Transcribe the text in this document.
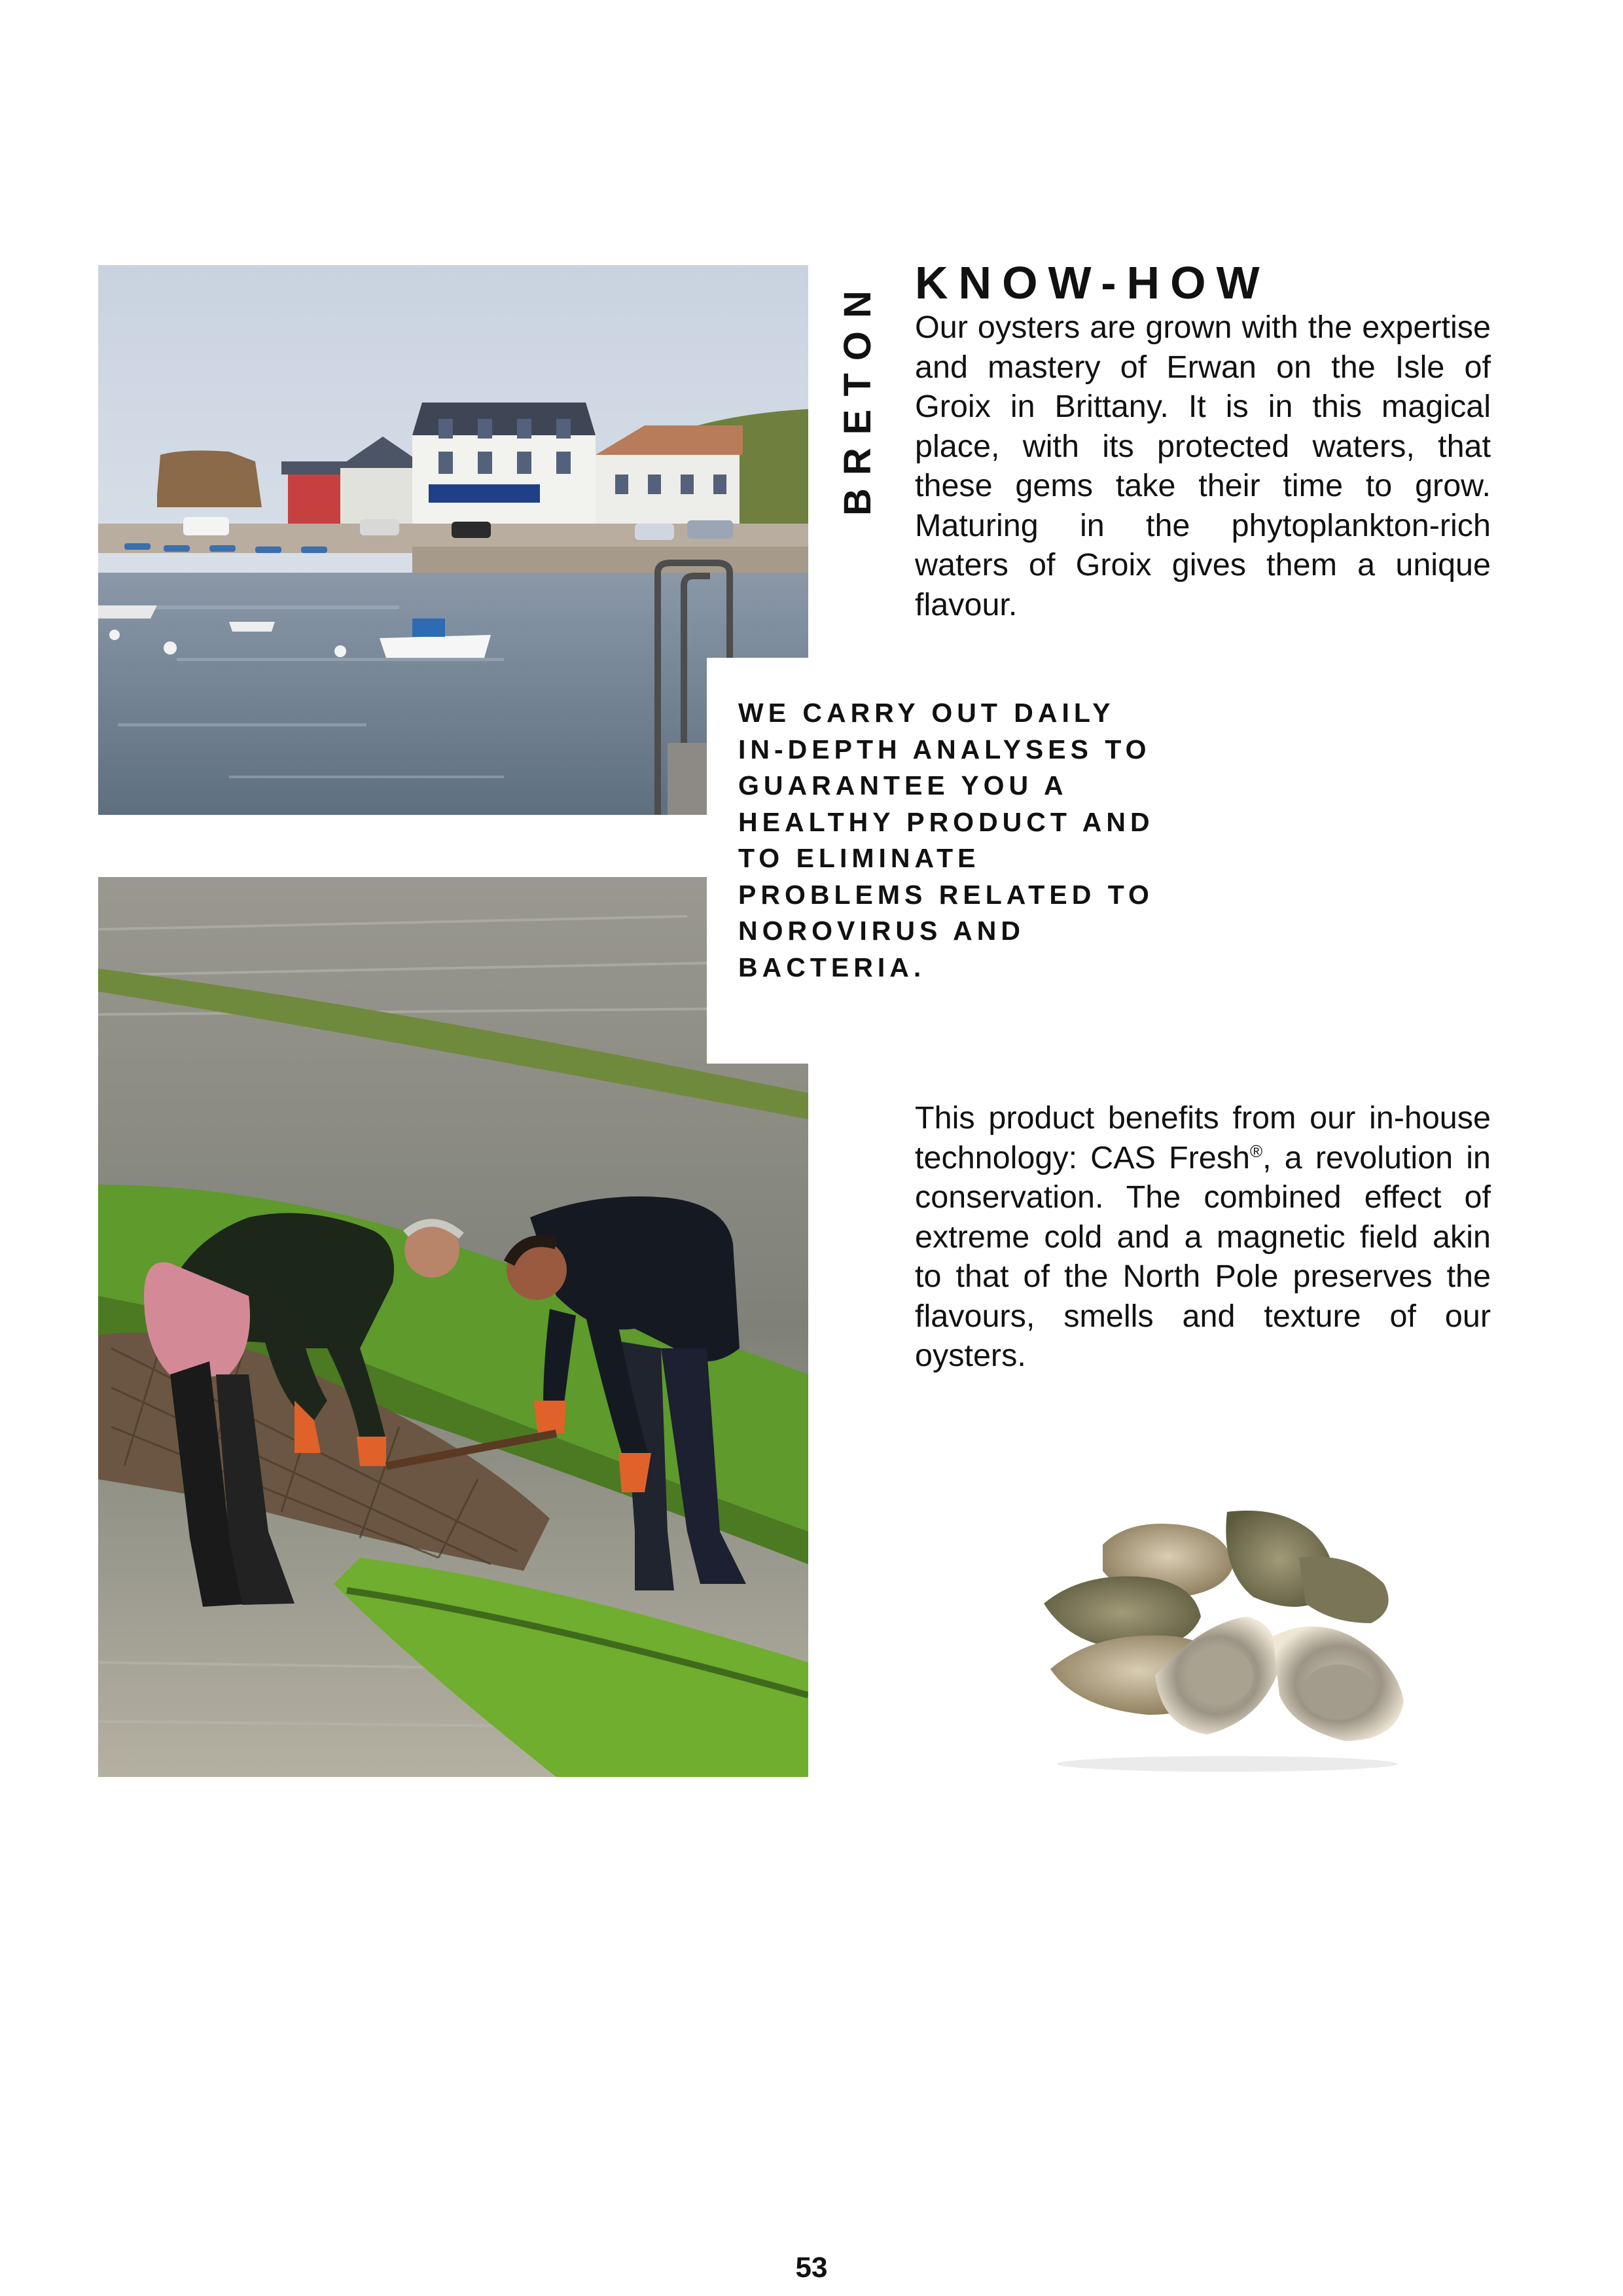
WE CARRY OUT DAILY IN-DEPTH ANALYSES TO GUARANTEE YOU A HEALTHY PRODUCT AND TO ELIMINATE PROBLEMS RELATED TO NOROVIRUS AND BACTERIA.

BRETON KNOW-HOW

Our oysters are grown with the expertise and mastery of Erwan on the Isle of Groix in Brittany. It is in this magical place, with its protected waters, that these gems take their time to grow. Maturing in the phytoplankton-rich waters of Groix gives them a unique flavour.

This product benefits from our in-house technology: CAS Fresh®, a revolution in conservation. The combined effect of extreme cold and a magnetic field akin to that of the North Pole preserves the flavours, smells and texture of our oysters.

53
